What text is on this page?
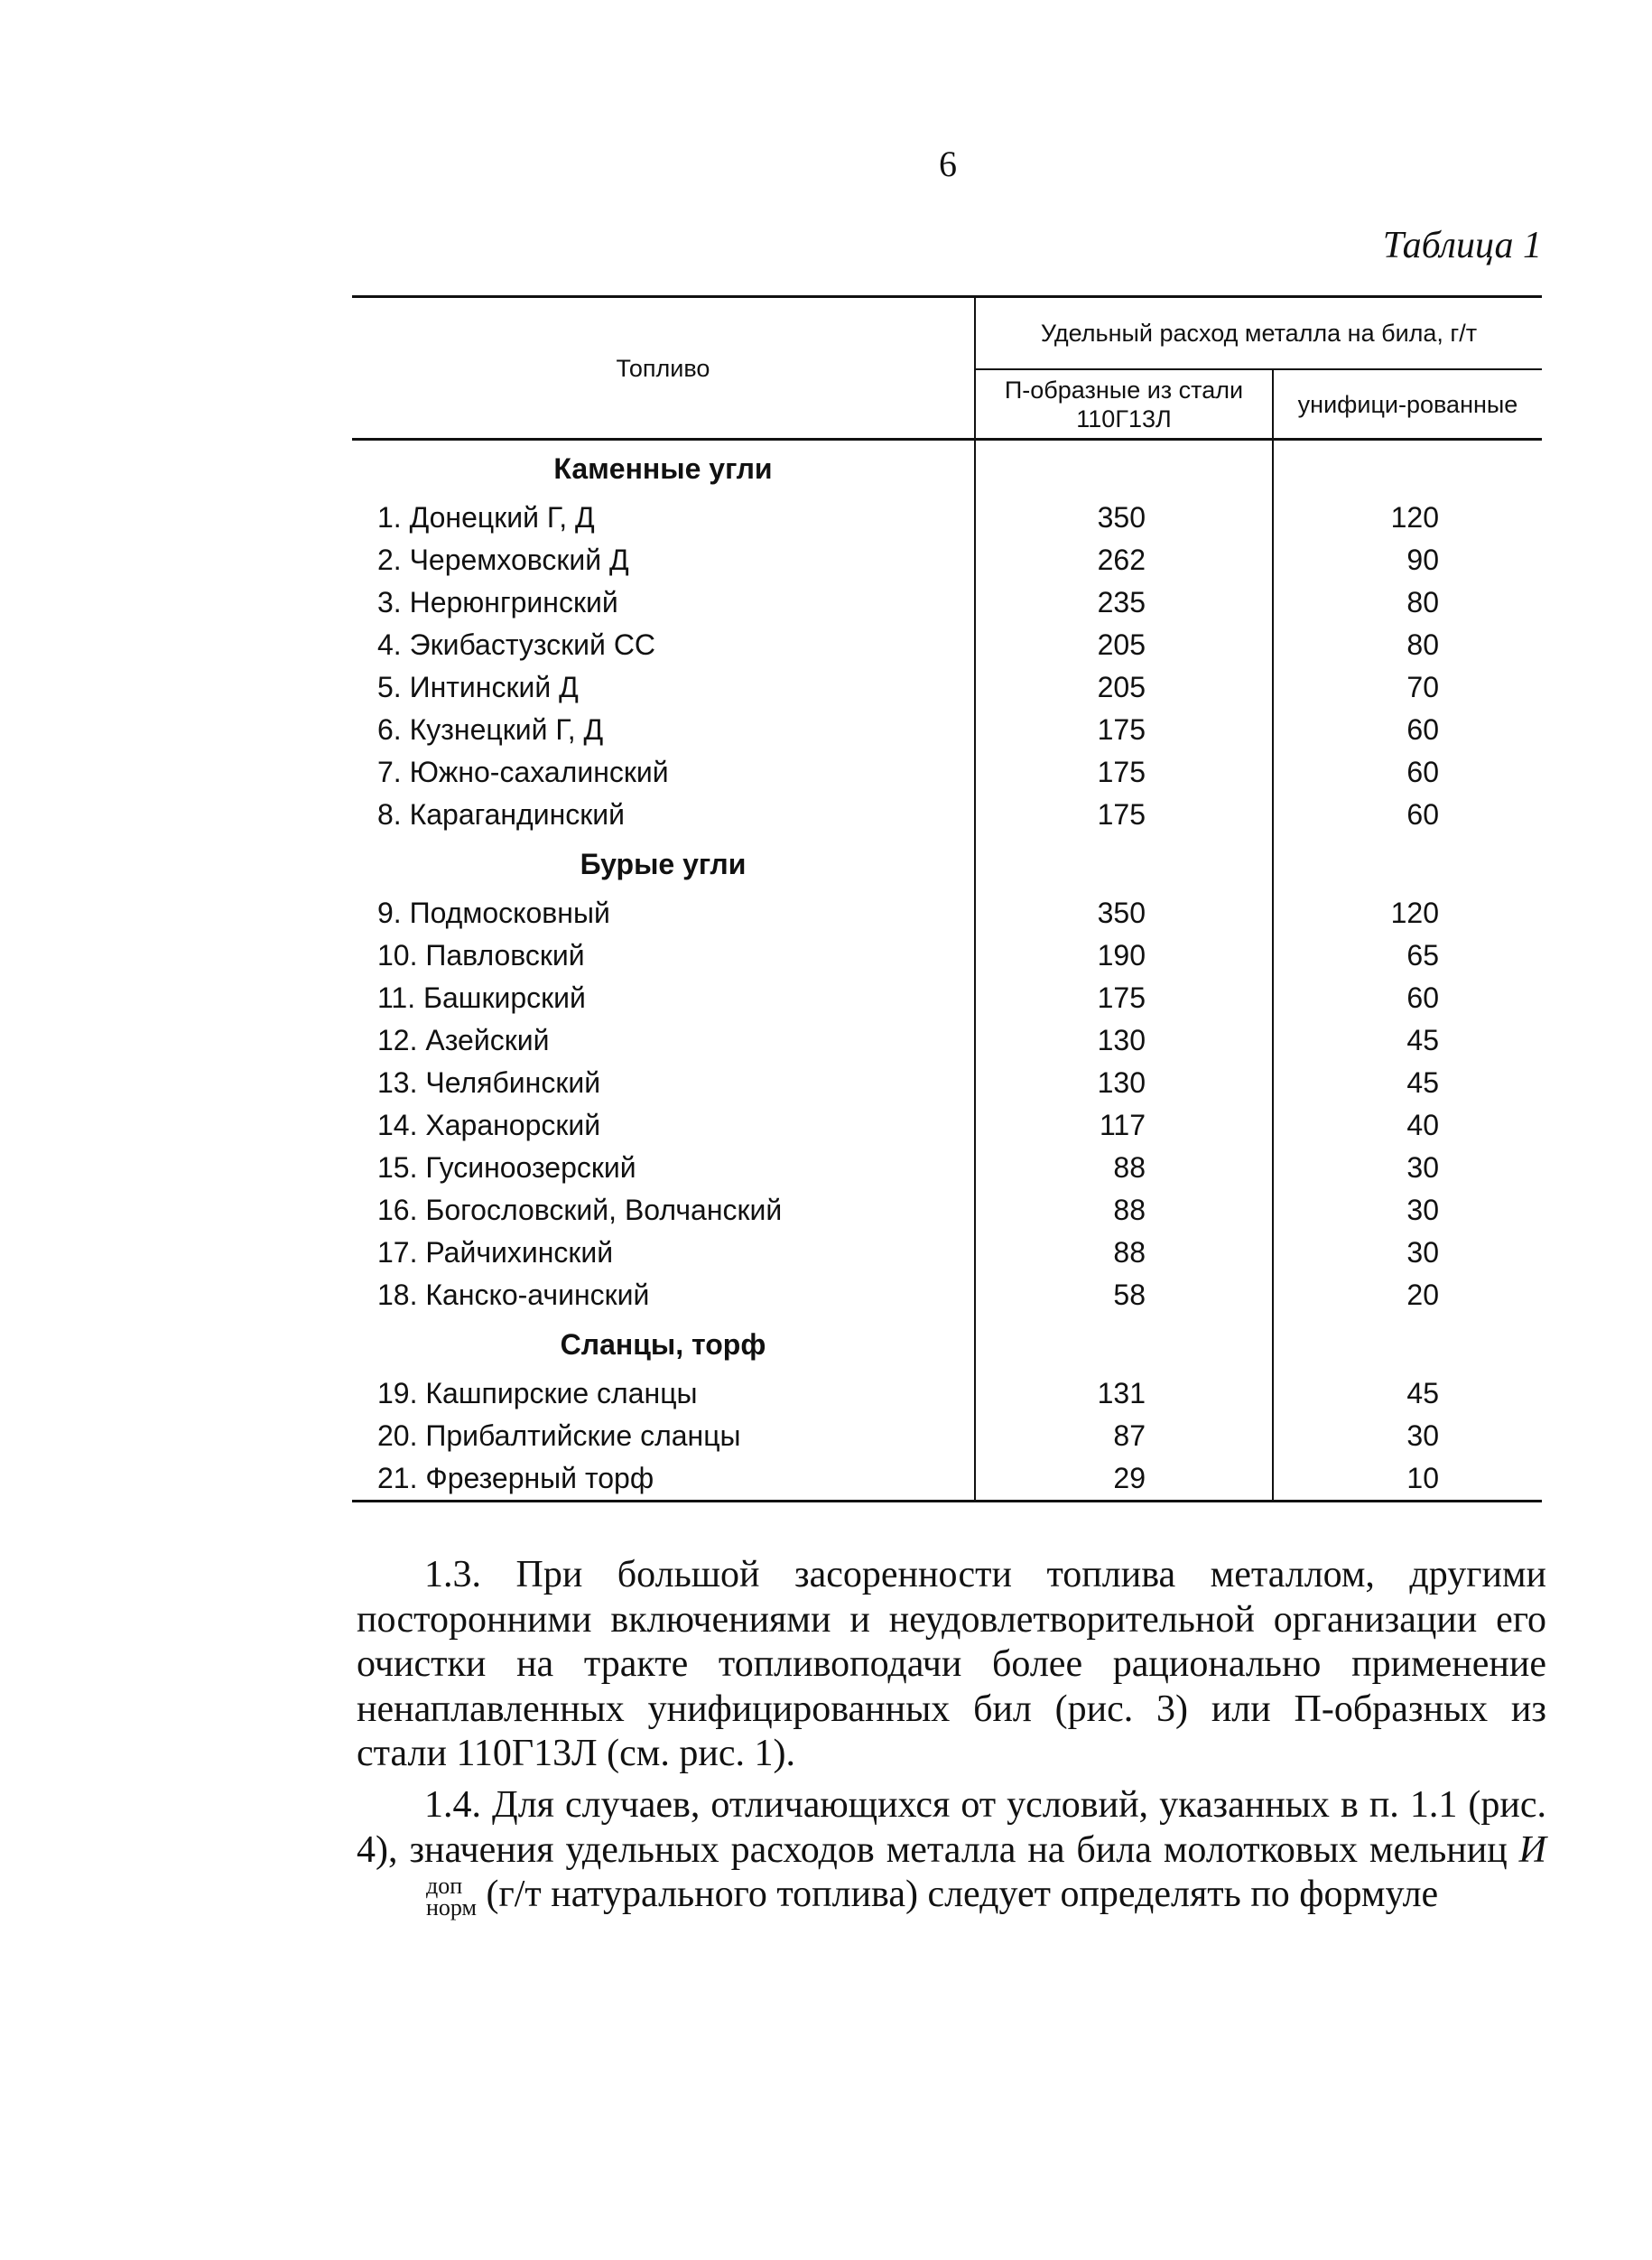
6
Таблица 1
Топливо	Удельный расход металла на била, г/т	
	П-образные из стали 110Г13Л	унифици-рованные
Каменные угли		
1. Донецкий Г, Д	350	120
2. Черемховский Д	262	90
3. Нерюнгринский	235	80
4. Экибастузский СС	205	80
5. Интинский Д	205	70
6. Кузнецкий Г, Д	175	60
7. Южно-сахалинский	175	60
8. Карагандинский	175	60
Бурые угли		
9. Подмосковный	350	120
10. Павловский	190	65
11. Башкирский	175	60
12. Азейский	130	45
13. Челябинский	130	45
14. Харанорский	117	40
15. Гусиноозерский	88	30
16. Богословский, Волчанский	88	30
17. Райчихинский	88	30
18. Канско-ачинский	58	20
Сланцы, торф		
19. Кашпирские сланцы	131	45
20. Прибалтийские сланцы	87	30
21. Фрезерный торф	29	10

1.3. При большой засоренности топлива металлом, другими посторонними включениями и неудовлетворительной организации его очистки на тракте топливоподачи более рационально применение ненаплавленных унифицированных бил (рис. 3) или П-образных из стали 110Г13Л (см. рис. 1).

1.4. Для случаев, отличающихся от условий, указанных в п. 1.1 (рис. 4), значения удельных расходов металла на била молотковых мельниц И
доп
норм (г/т натурального топлива) следует определять по формуле
